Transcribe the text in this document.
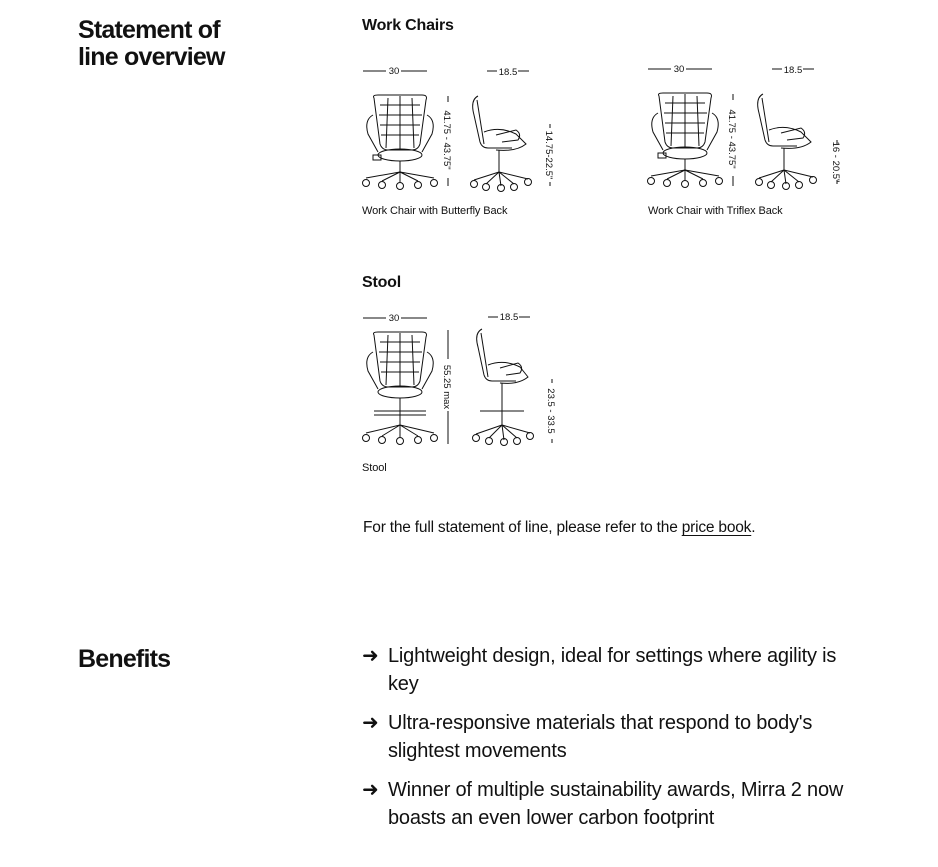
Statement of
line overview
Work Chairs
30	18.5
41.75 - 43.75"	14.75-22.5"
Work Chair with Butterfly Back
30	18.5
41.75 - 43.75"	16 - 20.5"
Work Chair with Triflex Back
Stool
30	18.5
55.25 max
23.5 - 33.5
Stool
For the full statement of line, please refer to the price book.
Benefits	➜ Lightweight design, ideal for settings where agility is key
➜ Ultra-responsive materials that respond to body's slightest movements
➜ Winner of multiple sustainability awards, Mirra 2 now boasts an even lower carbon footprint
